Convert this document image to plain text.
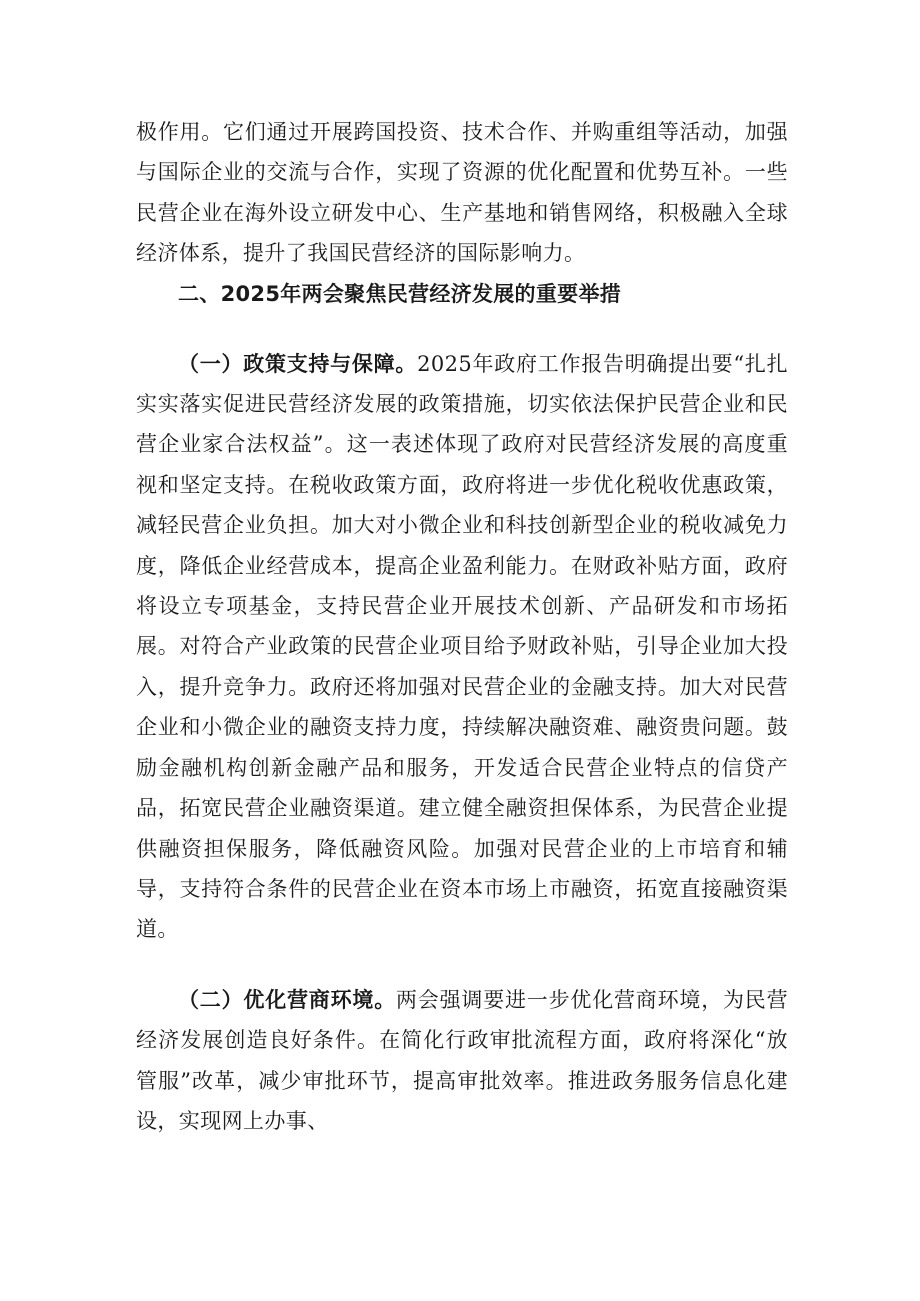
极作用。它们通过开展跨国投资、技术合作、并购重组等活动，加强与国际企业的交流与合作，实现了资源的优化配置和优势互补。一些民营企业在海外设立研发中心、生产基地和销售网络，积极融入全球经济体系，提升了我国民营经济的国际影响力。

二、2025年两会聚焦民营经济发展的重要举措

（一）政策支持与保障。2025年政府工作报告明确提出要“扎扎实实落实促进民营经济发展的政策措施，切实依法保护民营企业和民营企业家合法权益”。这一表述体现了政府对民营经济发展的高度重视和坚定支持。在税收政策方面，政府将进一步优化税收优惠政策，减轻民营企业负担。加大对小微企业和科技创新型企业的税收减免力度，降低企业经营成本，提高企业盈利能力。在财政补贴方面，政府将设立专项基金，支持民营企业开展技术创新、产品研发和市场拓展。对符合产业政策的民营企业项目给予财政补贴，引导企业加大投入，提升竞争力。政府还将加强对民营企业的金融支持。加大对民营企业和小微企业的融资支持力度，持续解决融资难、融资贵问题。鼓励金融机构创新金融产品和服务，开发适合民营企业特点的信贷产品，拓宽民营企业融资渠道。建立健全融资担保体系，为民营企业提供融资担保服务，降低融资风险。加强对民营企业的上市培育和辅导，支持符合条件的民营企业在资本市场上市融资，拓宽直接融资渠道。

（二）优化营商环境。两会强调要进一步优化营商环境，为民营经济发展创造良好条件。在简化行政审批流程方面，政府将深化“放管服”改革，减少审批环节，提高审批效率。推进政务服务信息化建设，实现网上办事、
